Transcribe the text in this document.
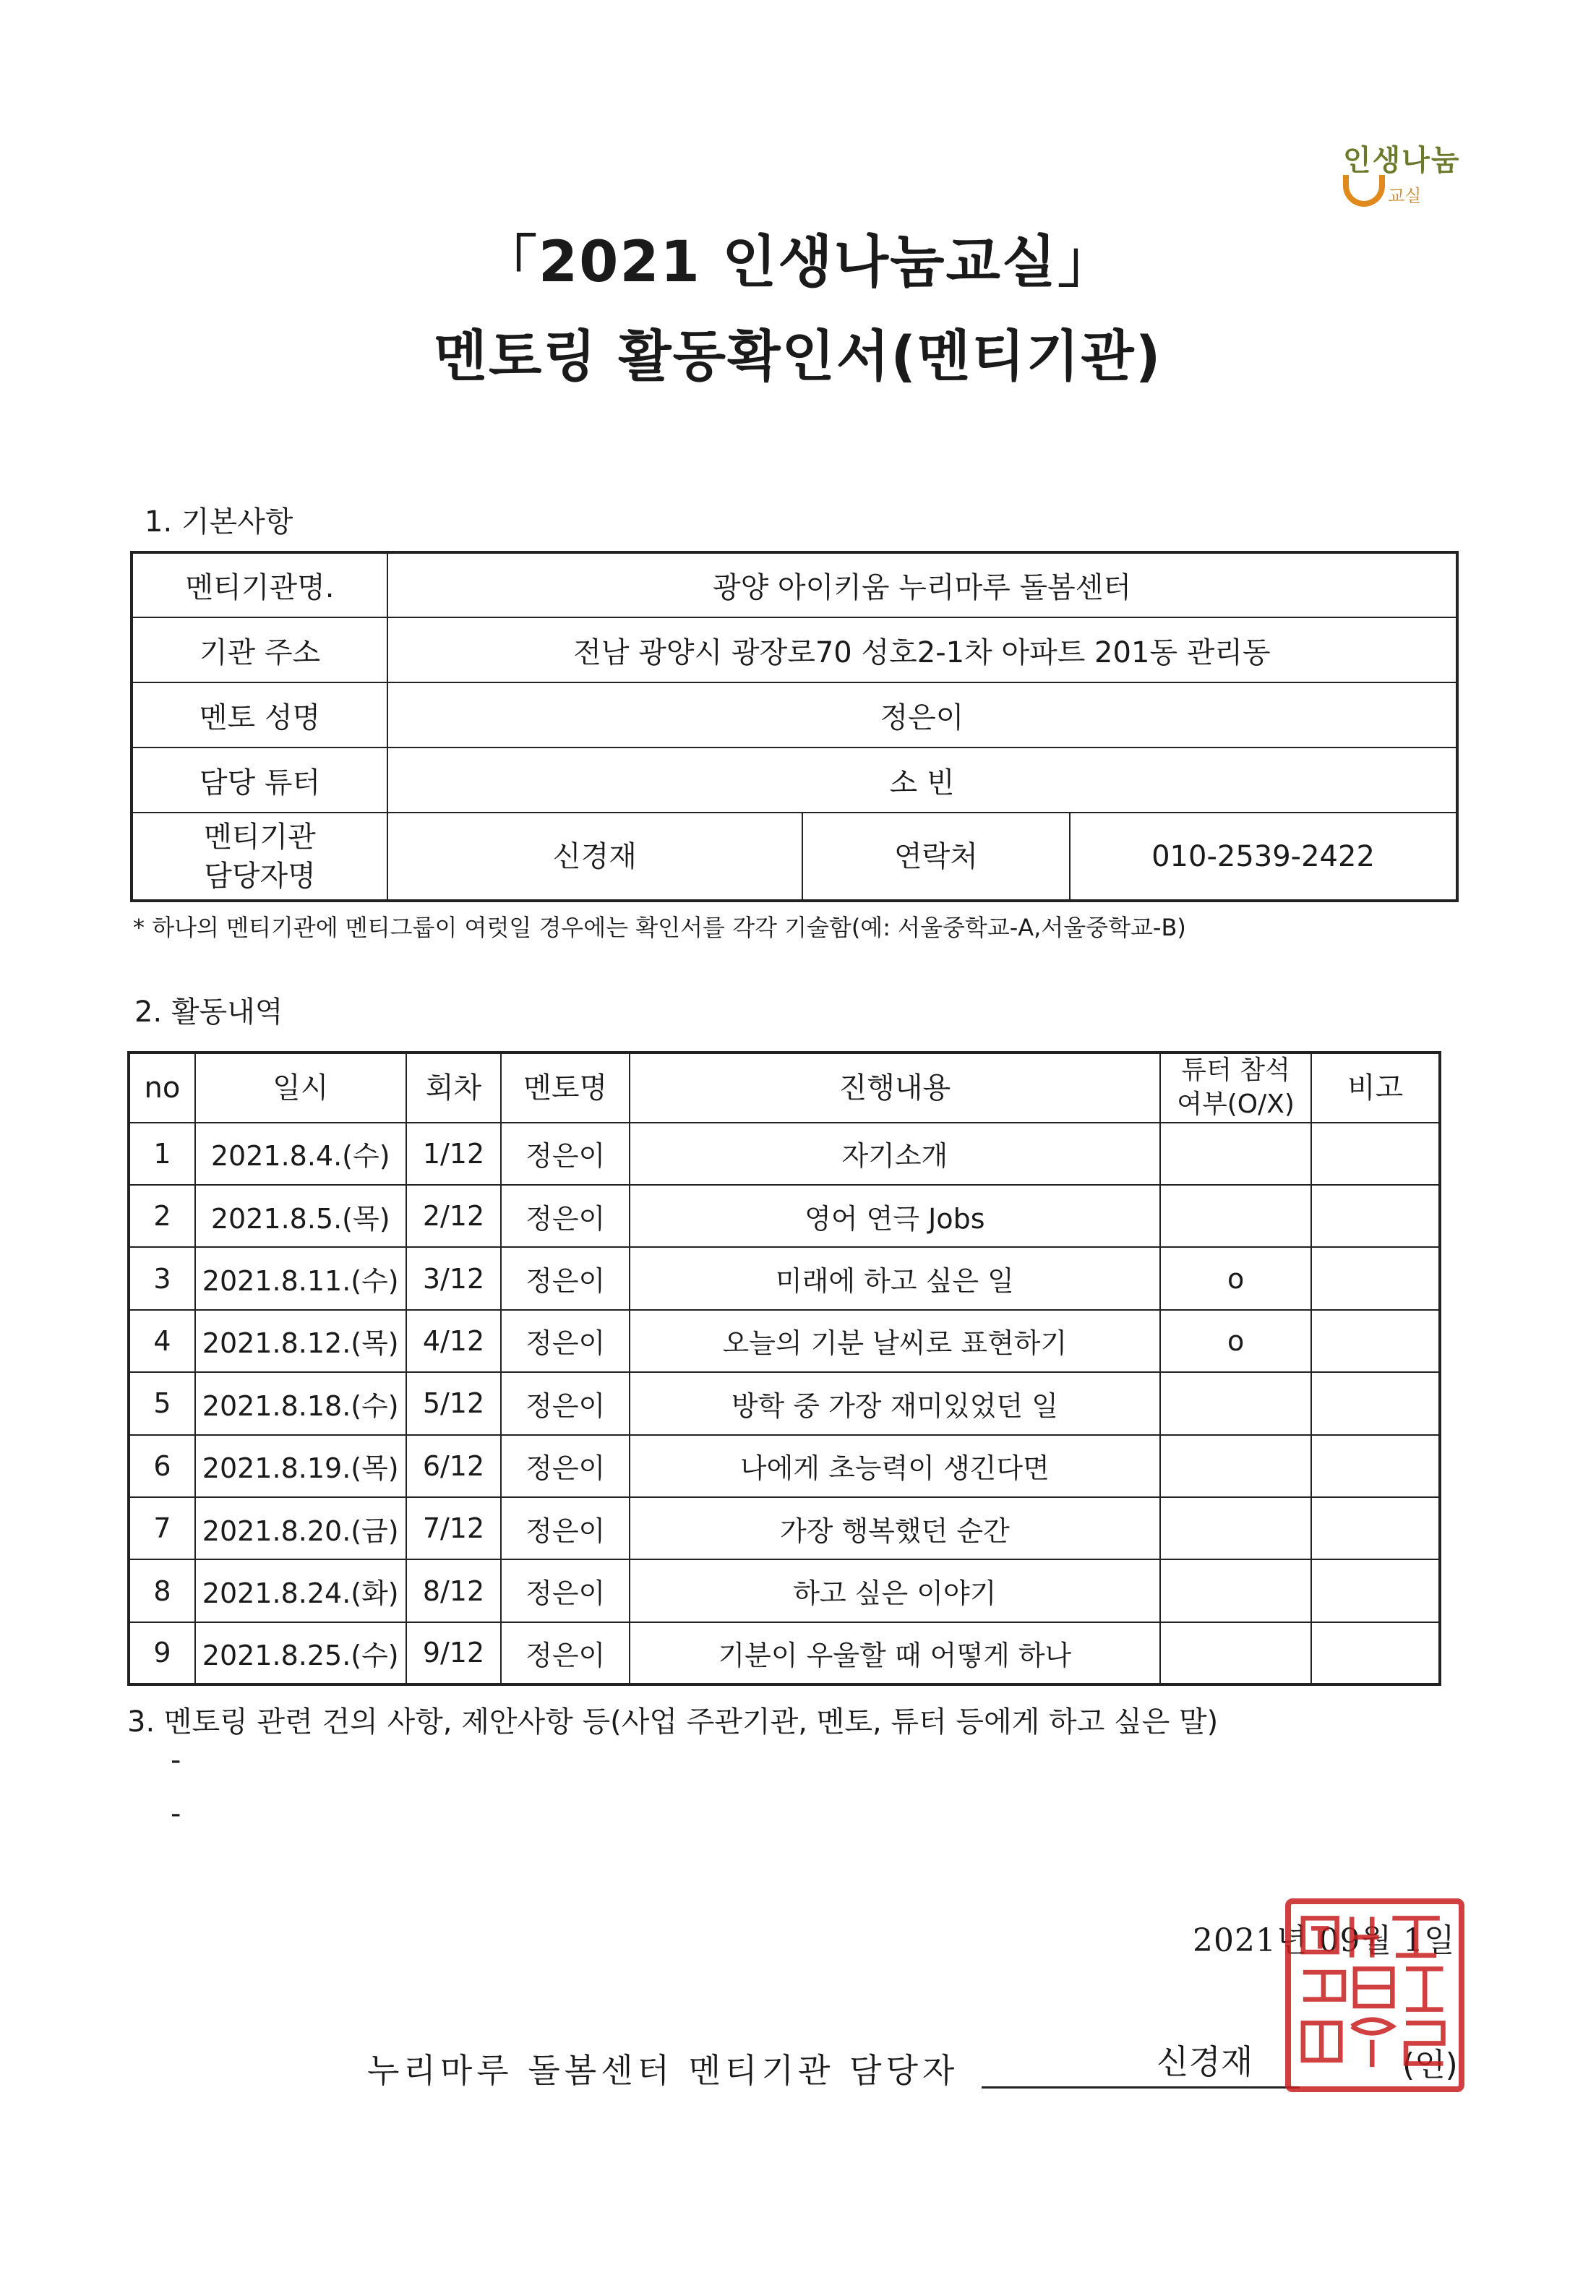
인생나눔
교실
「2021 인생나눔교실」
멘토링 활동확인서(멘티기관)
1. 기본사항
멘티기관명.	광양 아이키움 누리마루 돌봄센터		
기관 주소	전남 광양시 광장로70 성호2-1차 아파트 201동 관리동		
멘토 성명	정은이		
담당 튜터	소 빈		
멘티기관
담당자명	신경재	연락처	010-2539-2422
* 하나의 멘티기관에 멘티그룹이 여럿일 경우에는 확인서를 각각 기술함(예: 서울중학교-A,서울중학교-B)
2. 활동내역
no	일시	회차	멘토명	진행내용	튜터 참석
여부(O/X)	비고
1	2021.8.4.(수)	1/12	정은이	자기소개		
2	2021.8.5.(목)	2/12	정은이	영어 연극 Jobs		
3	2021.8.11.(수)	3/12	정은이	미래에 하고 싶은 일	o	
4	2021.8.12.(목)	4/12	정은이	오늘의 기분 날씨로 표현하기	o	
5	2021.8.18.(수)	5/12	정은이	방학 중 가장 재미있었던 일		
6	2021.8.19.(목)	6/12	정은이	나에게 초능력이 생긴다면		
7	2021.8.20.(금)	7/12	정은이	가장 행복했던 순간		
8	2021.8.24.(화)	8/12	정은이	하고 싶은 이야기		
9	2021.8.25.(수)	9/12	정은이	기분이 우울할 때 어떻게 하나		
3. 멘토링 관련 건의 사항, 제안사항 등(사업 주관기관, 멘토, 튜터 등에게 하고 싶은 말)
-
-
2021년 09월 1일
누리마루 돌봄센터 멘티기관 담당자	신경재	(인)
